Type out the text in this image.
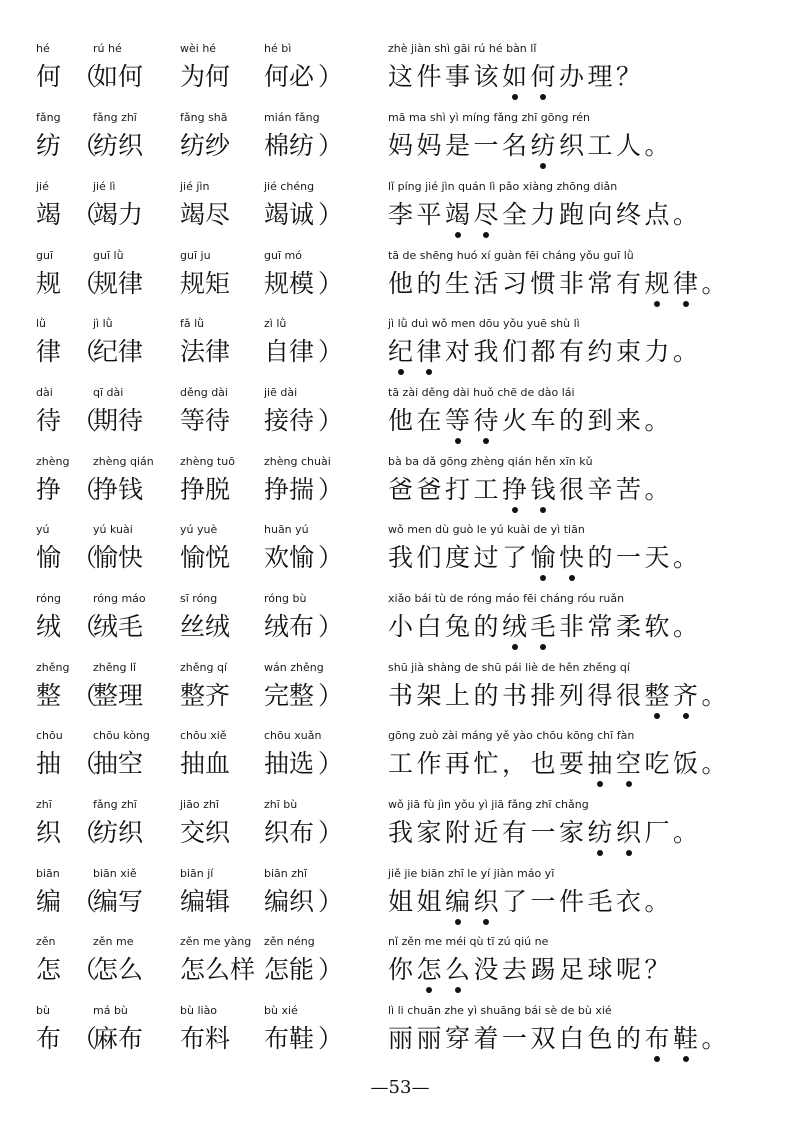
hé
何 （
rú hé
如何
wèi hé
为何
hé bì
何必 ）
zhè jiàn shì gāi rú hé bàn lǐ
这件事该如何办理？
fǎng
纺 （
fǎng zhī
纺织
fǎng shā
纺纱
mián fǎng
棉纺 ）
mā ma shì yì míng fǎng zhī gōng rén
妈妈是一名纺织工人。
jié
竭 （
jié lì
竭力
jié jìn
竭尽
jié chéng
竭诚 ）
lǐ píng jié jìn quán lì pǎo xiàng zhōng diǎn
李平竭尽全力跑向终点。
guī
规 （
guī lǜ
规律
guī ju
规矩
guī mó
规模 ）
tā de shēng huó xí guàn fēi cháng yǒu guī lǜ
他的生活习惯非常有规律。
lǜ
律 （
jì lǜ
纪律
fǎ lǜ
法律
zì lǜ
自律 ）
jì lǜ duì wǒ men dōu yǒu yuē shù lì
纪律对我们都有约束力。
dài
待 （
qī dài
期待
děng dài
等待
jiē dài
接待 ）
tā zài děng dài huǒ chē de dào lái
他在等待火车的到来。
zhèng
挣 （
zhèng qián
挣钱
zhèng tuō
挣脱
zhèng chuài
挣揣 ）
bà ba dǎ gōng zhèng qián hěn xīn kǔ
爸爸打工挣钱很辛苦。
yú
愉 （
yú kuài
愉快
yú yuè
愉悦
huān yú
欢愉 ）
wǒ men dù guò le yú kuài de yì tiān
我们度过了愉快的一天。
róng
绒 （
róng máo
绒毛
sī róng
丝绒
róng bù
绒布 ）
xiǎo bái tù de róng máo fēi cháng róu ruǎn
小白兔的绒毛非常柔软。
zhěng
整 （
zhěng lǐ
整理
zhěng qí
整齐
wán zhěng
完整 ）
shū jià shàng de shū pái liè de hěn zhěng qí
书架上的书排列得很整齐。
chōu
抽 （
chōu kòng
抽空
chōu xiě
抽血
chōu xuǎn
抽选 ）
gōng zuò zài máng yě yào chōu kōng chī fàn
工作再忙，也要抽空吃饭。
zhī
织 （
fǎng zhī
纺织
jiāo zhī
交织
zhī bù
织布 ）
wǒ jiā fù jìn yǒu yì jiā fǎng zhī chǎng
我家附近有一家纺织厂。
biān
编 （
biān xiě
编写
biān jí
编辑
biān zhī
编织 ）
jiě jie biān zhī le yí jiàn máo yī
姐姐编织了一件毛衣。
zěn
怎 （
zěn me
怎么
zěn me yàng
怎么样
zěn néng
怎能 ）
nǐ zěn me méi qù tī zú qiú ne
你怎么没去踢足球呢？
bù
布 （
má bù
麻布
bù liào
布料
bù xié
布鞋 ）
lì li chuān zhe yì shuāng bái sè de bù xié
丽丽穿着一双白色的布鞋。
—53—
